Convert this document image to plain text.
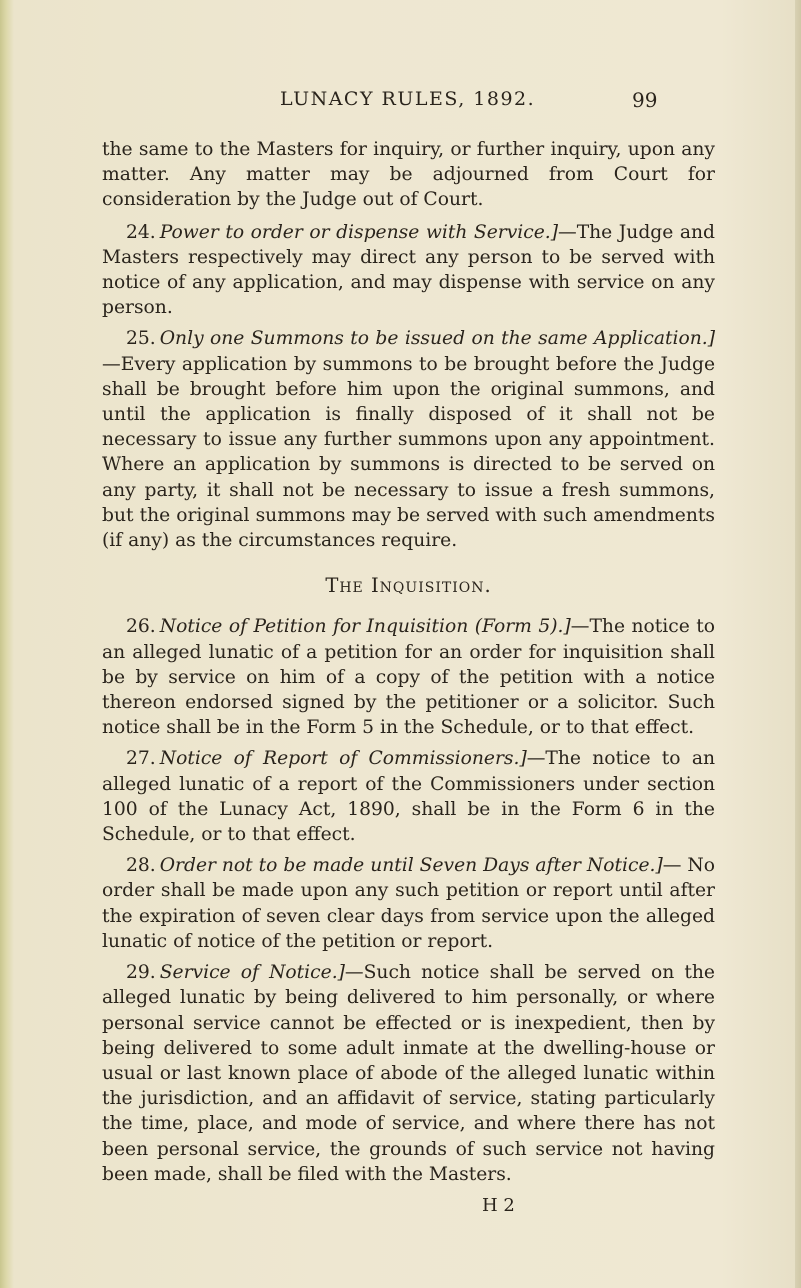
LUNACY RULES, 1892.	99

the same to the Masters for inquiry, or further inquiry, upon any matter. Any matter may be adjourned from Court for consideration by the Judge out of Court.

24. Power to order or dispense with Service.]—The Judge and Masters respectively may direct any person to be served with notice of any application, and may dispense with service on any person.

25. Only one Summons to be issued on the same Application.]—Every application by summons to be brought before the Judge shall be brought before him upon the original summons, and until the application is finally disposed of it shall not be necessary to issue any further summons upon any appointment. Where an application by summons is directed to be served on any party, it shall not be necessary to issue a fresh summons, but the original summons may be served with such amendments (if any) as the circumstances require.

The Inquisition.

26. Notice of Petition for Inquisition (Form 5).]—The notice to an alleged lunatic of a petition for an order for inquisition shall be by service on him of a copy of the petition with a notice thereon endorsed signed by the petitioner or a solicitor. Such notice shall be in the Form 5 in the Schedule, or to that effect.

27. Notice of Report of Commissioners.]—The notice to an alleged lunatic of a report of the Commissioners under section 100 of the Lunacy Act, 1890, shall be in the Form 6 in the Schedule, or to that effect.

28. Order not to be made until Seven Days after Notice.]— No order shall be made upon any such petition or report until after the expiration of seven clear days from service upon the alleged lunatic of notice of the petition or report.

29. Service of Notice.]—Such notice shall be served on the alleged lunatic by being delivered to him personally, or where personal service cannot be effected or is inexpedient, then by being delivered to some adult inmate at the dwelling-house or usual or last known place of abode of the alleged lunatic within the jurisdiction, and an affidavit of service, stating particularly the time, place, and mode of service, and where there has not been personal service, the grounds of such service not having been made, shall be filed with the Masters.

H 2
